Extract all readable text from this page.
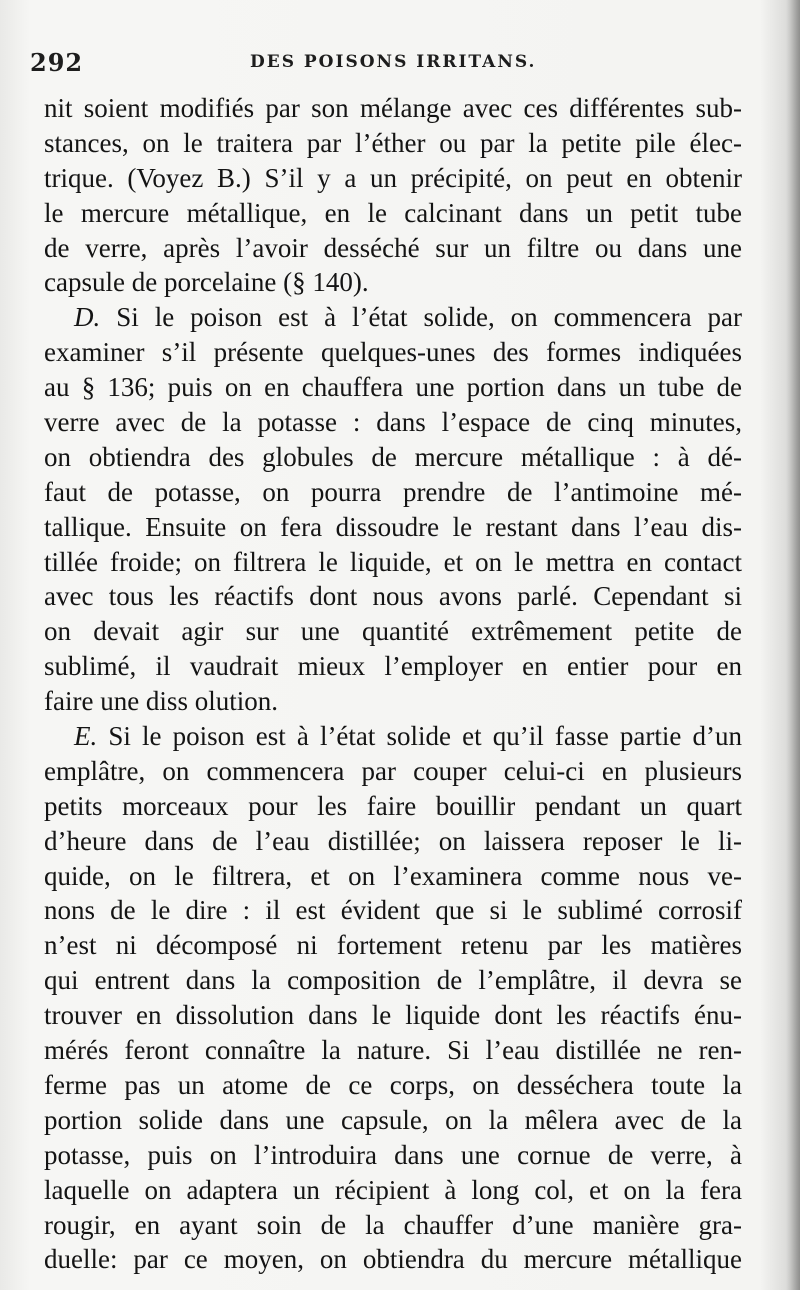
292	DES POISONS IRRITANS.
nit soient modifiés par son mélange avec ces différentes sub-
stances, on le traitera par l’éther ou par la petite pile élec-
trique. (Voyez B.) S’il y a un précipité, on peut en obtenir
le mercure métallique, en le calcinant dans un petit tube
de verre, après l’avoir desséché sur un filtre ou dans une
capsule de porcelaine (§ 140).
D. Si le poison est à l’état solide, on commencera par
examiner s’il présente quelques-unes des formes indiquées
au § 136; puis on en chauffera une portion dans un tube de
verre avec de la potasse : dans l’espace de cinq minutes,
on obtiendra des globules de mercure métallique : à dé-
faut de potasse, on pourra prendre de l’antimoine mé-
tallique. Ensuite on fera dissoudre le restant dans l’eau dis-
tillée froide; on filtrera le liquide, et on le mettra en contact
avec tous les réactifs dont nous avons parlé. Cependant si
on devait agir sur une quantité extrêmement petite de
sublimé, il vaudrait mieux l’employer en entier pour en
faire une diss olution.
E. Si le poison est à l’état solide et qu’il fasse partie d’un
emplâtre, on commencera par couper celui-ci en plusieurs
petits morceaux pour les faire bouillir pendant un quart
d’heure dans de l’eau distillée; on laissera reposer le li-
quide, on le filtrera, et on l’examinera comme nous ve-
nons de le dire : il est évident que si le sublimé corrosif
n’est ni décomposé ni fortement retenu par les matières
qui entrent dans la composition de l’emplâtre, il devra se
trouver en dissolution dans le liquide dont les réactifs énu-
mérés feront connaître la nature. Si l’eau distillée ne ren-
ferme pas un atome de ce corps, on desséchera toute la
portion solide dans une capsule, on la mêlera avec de la
potasse, puis on l’introduira dans une cornue de verre, à
laquelle on adaptera un récipient à long col, et on la fera
rougir, en ayant soin de la chauffer d’une manière gra-
duelle: par ce moyen, on obtiendra du mercure métallique
